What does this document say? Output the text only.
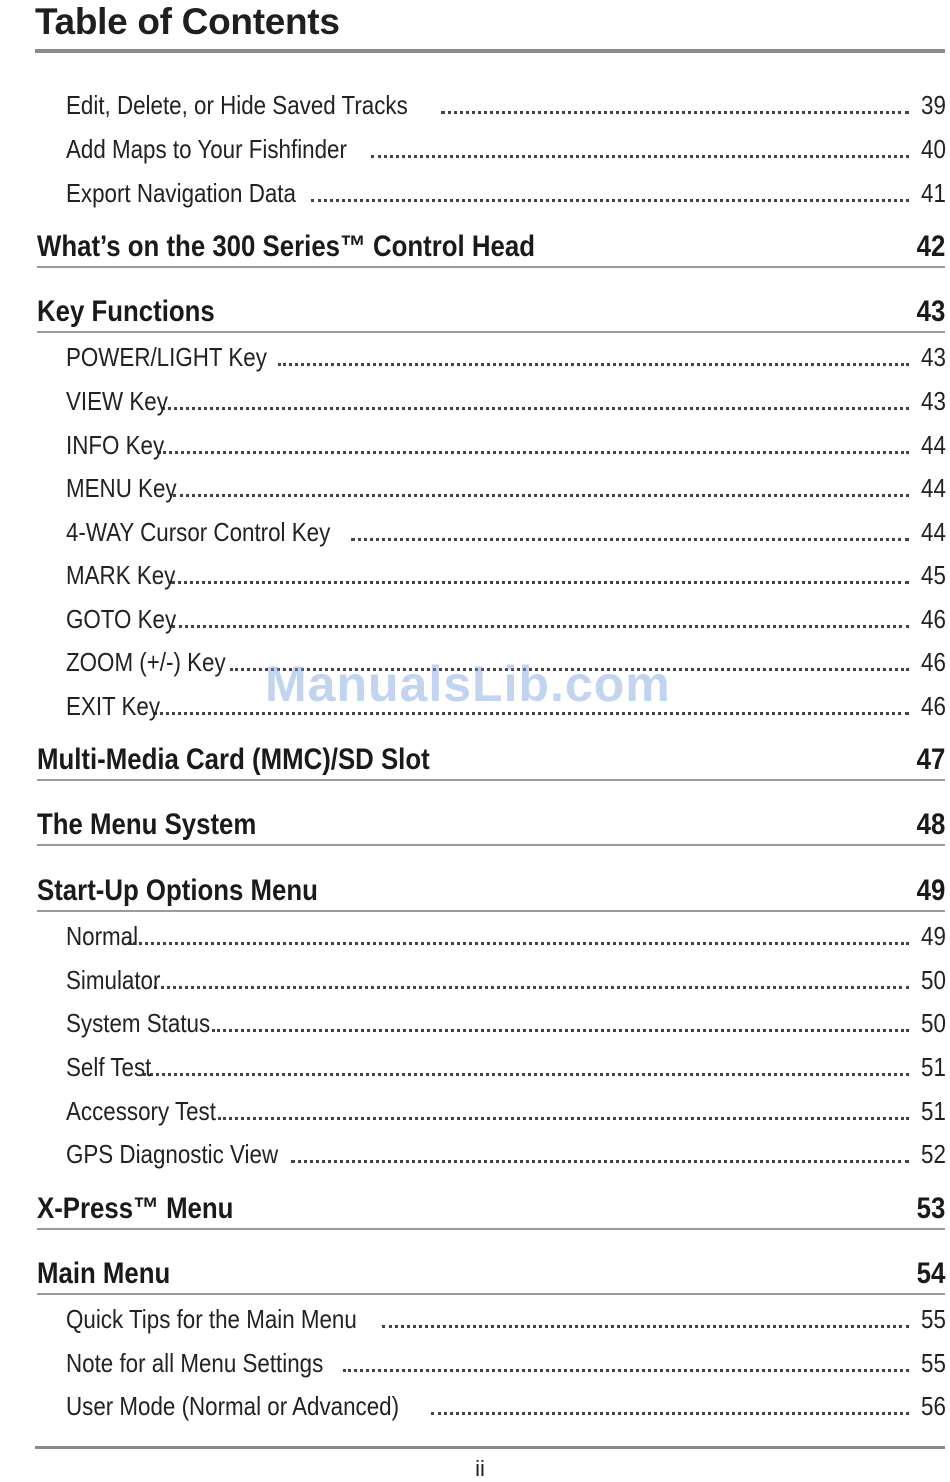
Table of Contents
Edit, Delete, or Hide Saved Tracks	39
Add Maps to Your Fishfinder	40
Export Navigation Data	41
What’s on the 300 Series™ Control Head	42
Key Functions	43
POWER/LIGHT Key	43
VIEW Key	43
INFO Key	44
MENU Key	44
4-WAY Cursor Control Key	44
MARK Key	45
GOTO Key	46
ZOOM (+/-) Key	46
EXIT Key	46
Multi-Media Card (MMC)/SD Slot	47
The Menu System	48
Start-Up Options Menu	49
Normal	49
Simulator	50
System Status	50
Self Test	51
Accessory Test	51
GPS Diagnostic View	52
X-Press™ Menu	53
Main Menu	54
Quick Tips for the Main Menu	55
Note for all Menu Settings	55
User Mode (Normal or Advanced)	56
ii
ManualsLib.com
